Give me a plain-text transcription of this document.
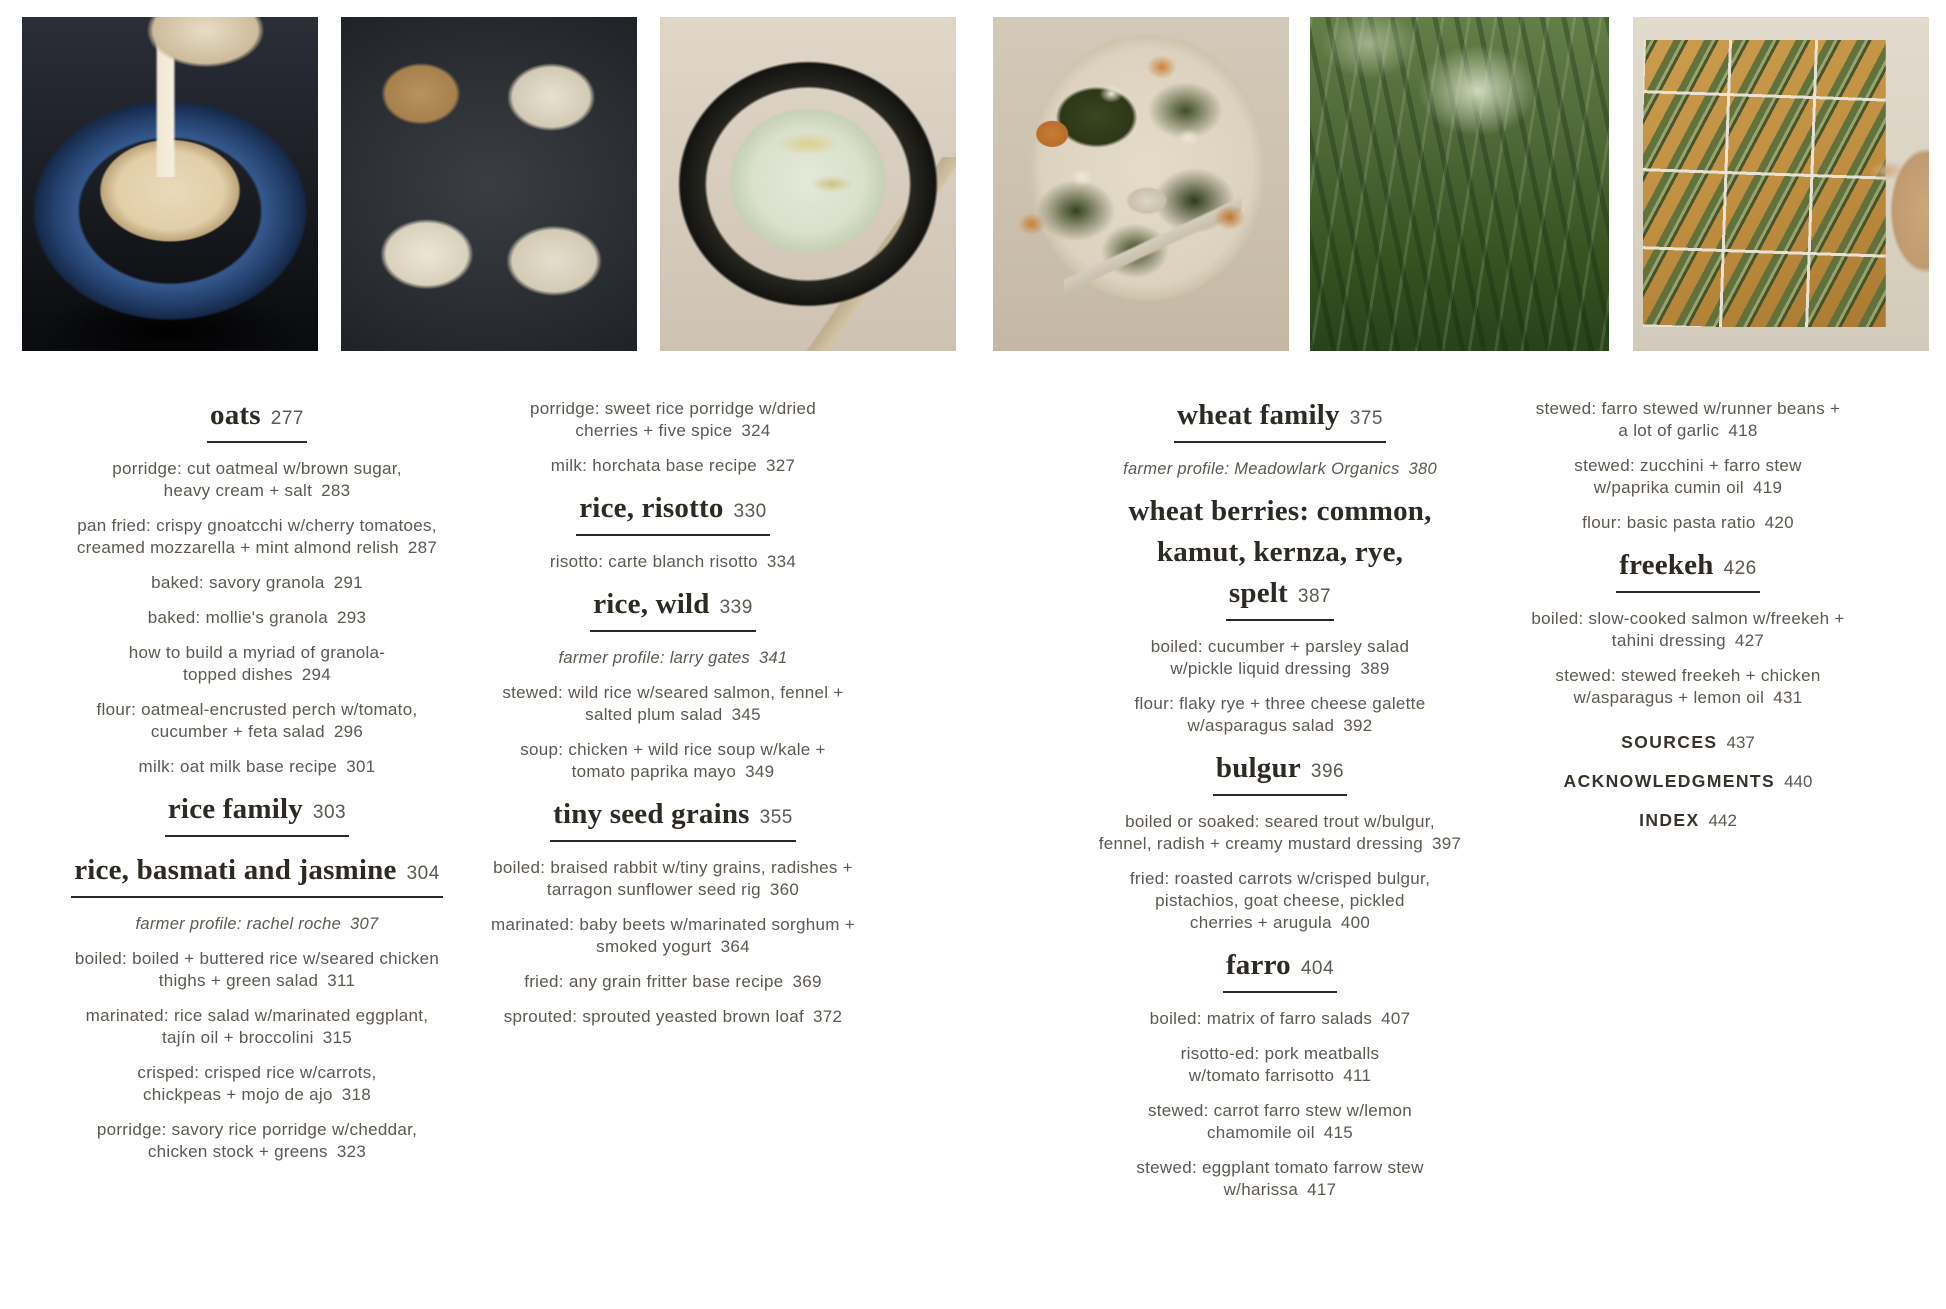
oats 277
porridge: cut oatmeal w/brown sugar,
heavy cream + salt 283
pan fried: crispy gnoatcchi w/cherry tomatoes,
creamed mozzarella + mint almond relish 287
baked: savory granola 291
baked: mollie's granola 293
how to build a myriad of granola-
topped dishes 294
flour: oatmeal-encrusted perch w/tomato,
cucumber + feta salad 296
milk: oat milk base recipe 301
rice family 303
rice, basmati and jasmine 304
farmer profile: rachel roche 307
boiled: boiled + buttered rice w/seared chicken
thighs + green salad 311
marinated: rice salad w/marinated eggplant,
tajín oil + broccolini 315
crisped: crisped rice w/carrots,
chickpeas + mojo de ajo 318
porridge: savory rice porridge w/cheddar,
chicken stock + greens 323
porridge: sweet rice porridge w/dried
cherries + five spice 324
milk: horchata base recipe 327
rice, risotto 330
risotto: carte blanch risotto 334
rice, wild 339
farmer profile: larry gates 341
stewed: wild rice w/seared salmon, fennel +
salted plum salad 345
soup: chicken + wild rice soup w/kale +
tomato paprika mayo 349
tiny seed grains 355
boiled: braised rabbit w/tiny grains, radishes +
tarragon sunflower seed rig 360
marinated: baby beets w/marinated sorghum +
smoked yogurt 364
fried: any grain fritter base recipe 369
sprouted: sprouted yeasted brown loaf 372
wheat family 375
farmer profile: Meadowlark Organics 380
wheat berries: common,
kamut, kernza, rye,
spelt 387
boiled: cucumber + parsley salad
w/pickle liquid dressing 389
flour: flaky rye + three cheese galette
w/asparagus salad 392
bulgur 396
boiled or soaked: seared trout w/bulgur,
fennel, radish + creamy mustard dressing 397
fried: roasted carrots w/crisped bulgur,
pistachios, goat cheese, pickled
cherries + arugula 400
farro 404
boiled: matrix of farro salads 407
risotto-ed: pork meatballs
w/tomato farrisotto 411
stewed: carrot farro stew w/lemon
chamomile oil 415
stewed: eggplant tomato farrow stew
w/harissa 417
stewed: farro stewed w/runner beans +
a lot of garlic 418
stewed: zucchini + farro stew
w/paprika cumin oil 419
flour: basic pasta ratio 420
freekeh 426
boiled: slow-cooked salmon w/freekeh +
tahini dressing 427
stewed: stewed freekeh + chicken
w/asparagus + lemon oil 431
SOURCES 437
ACKNOWLEDGMENTS 440
INDEX 442
